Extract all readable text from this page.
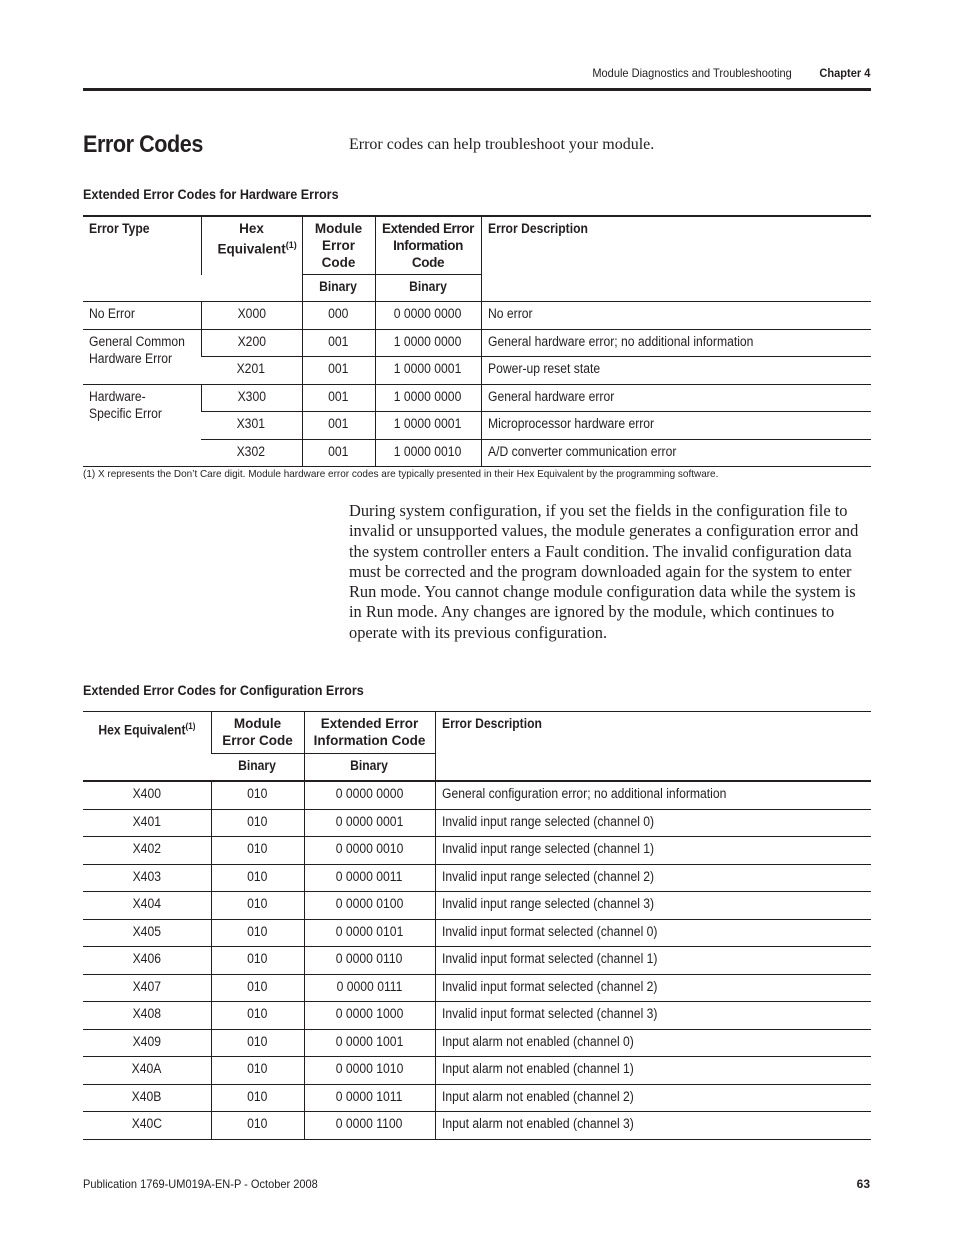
Module Diagnostics and Troubleshooting Chapter 4
Error Codes	Error codes can help troubleshoot your module.
Extended Error Codes for Hardware Errors
Error Type	Hex Equivalent$^{(1)}$	Module Error Code	Extended Error Information Code	Error Description
		Binary	Binary	
No Error	X000	000	0 0000 0000	No error
General Common Hardware Error	X200	001	1 0000 0000	General hardware error; no additional information
	X201	001	1 0000 0001	Power-up reset state
Hardware-Specific Error	X300	001	1 0000 0000	General hardware error
	X301	001	1 0000 0001	Microprocessor hardware error
	X302	001	1 0000 0010	A/D converter communication error
(1) X represents the Don’t Care digit. Module hardware error codes are typically presented in their Hex Equivalent by the programming software.

During system configuration, if you set the fields in the configuration file to invalid or unsupported values, the module generates a configuration error and the system controller enters a Fault condition. The invalid configuration data must be corrected and the program downloaded again for the system to enter Run mode. You cannot change module configuration data while the system is in Run mode. Any changes are ignored by the module, which continues to operate with its previous configuration.

Extended Error Codes for Configuration Errors
Hex Equivalent$^{(1)}$	Module Error Code	Extended Error Information Code	Error Description
	Binary	Binary	
X400	010	0 0000 0000	General configuration error; no additional information
X401	010	0 0000 0001	Invalid input range selected (channel 0)
X402	010	0 0000 0010	Invalid input range selected (channel 1)
X403	010	0 0000 0011	Invalid input range selected (channel 2)
X404	010	0 0000 0100	Invalid input range selected (channel 3)
X405	010	0 0000 0101	Invalid input format selected (channel 0)
X406	010	0 0000 0110	Invalid input format selected (channel 1)
X407	010	0 0000 0111	Invalid input format selected (channel 2)
X408	010	0 0000 1000	Invalid input format selected (channel 3)
X409	010	0 0000 1001	Input alarm not enabled (channel 0)
X40A	010	0 0000 1010	Input alarm not enabled (channel 1)
X40B	010	0 0000 1011	Input alarm not enabled (channel 2)
X40C	010	0 0000 1100	Input alarm not enabled (channel 3)
Publication 1769-UM019A-EN-P - October 2008	63
